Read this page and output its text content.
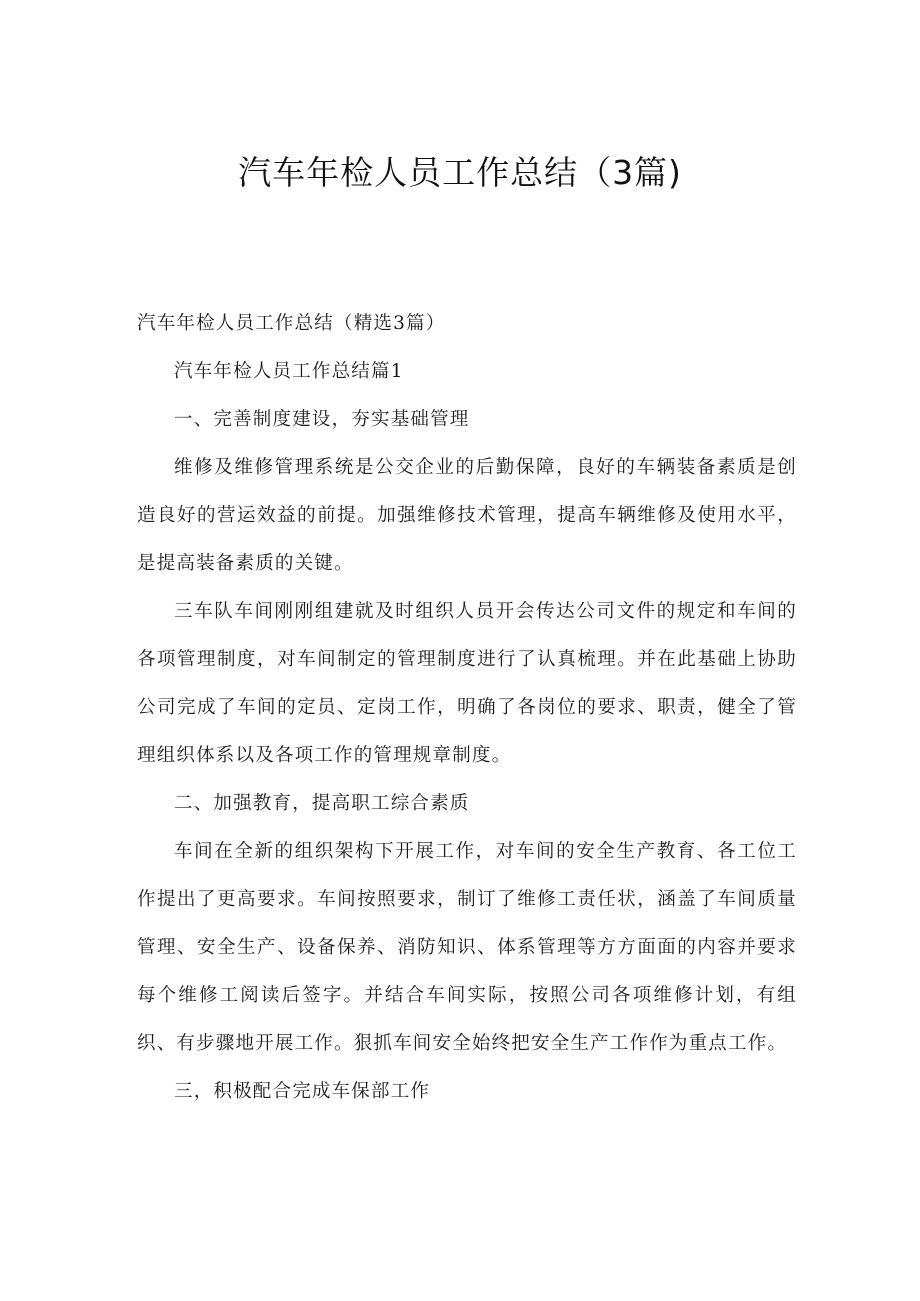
汽车年检人员工作总结（3篇)

汽车年检人员工作总结（精选3篇）

汽车年检人员工作总结篇1

一、完善制度建设，夯实基础管理

维修及维修管理系统是公交企业的后勤保障，良好的车辆装备素质是创造良好的营运效益的前提。加强维修技术管理，提高车辆维修及使用水平，是提高装备素质的关键。

三车队车间刚刚组建就及时组织人员开会传达公司文件的规定和车间的各项管理制度，对车间制定的管理制度进行了认真梳理。并在此基础上协助公司完成了车间的定员、定岗工作，明确了各岗位的要求、职责，健全了管理组织体系以及各项工作的管理规章制度。

二、加强教育，提高职工综合素质

车间在全新的组织架构下开展工作，对车间的安全生产教育、各工位工作提出了更高要求。车间按照要求，制订了维修工责任状，涵盖了车间质量管理、安全生产、设备保养、消防知识、体系管理等方方面面的内容并要求每个维修工阅读后签字。并结合车间实际，按照公司各项维修计划，有组织、有步骤地开展工作。狠抓车间安全始终把安全生产工作作为重点工作。

三，积极配合完成车保部工作
